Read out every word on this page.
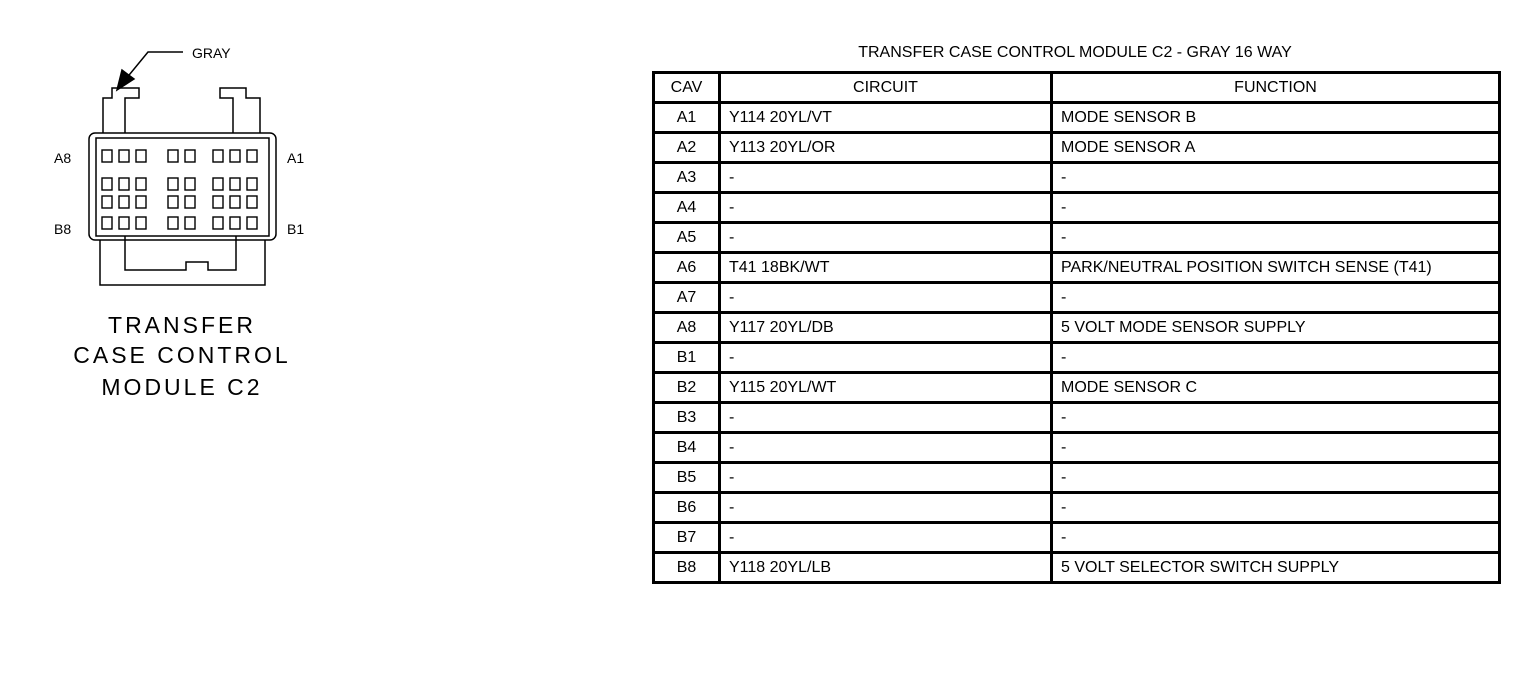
GRAY
A8	A1
B8	B1
TRANSFER
CASE CONTROL
MODULE C2
TRANSFER CASE CONTROL MODULE C2 - GRAY 16 WAY
CAV	CIRCUIT	FUNCTION
A1	Y114 20YL/VT	MODE SENSOR B
A2	Y113 20YL/OR	MODE SENSOR A
A3	-	-
A4	-	-
A5	-	-
A6	T41 18BK/WT	PARK/NEUTRAL POSITION SWITCH SENSE (T41)
A7	-	-
A8	Y117 20YL/DB	5 VOLT MODE SENSOR SUPPLY
B1	-	-
B2	Y115 20YL/WT	MODE SENSOR C
B3	-	-
B4	-	-
B5	-	-
B6	-	-
B7	-	-
B8	Y118 20YL/LB	5 VOLT SELECTOR SWITCH SUPPLY
